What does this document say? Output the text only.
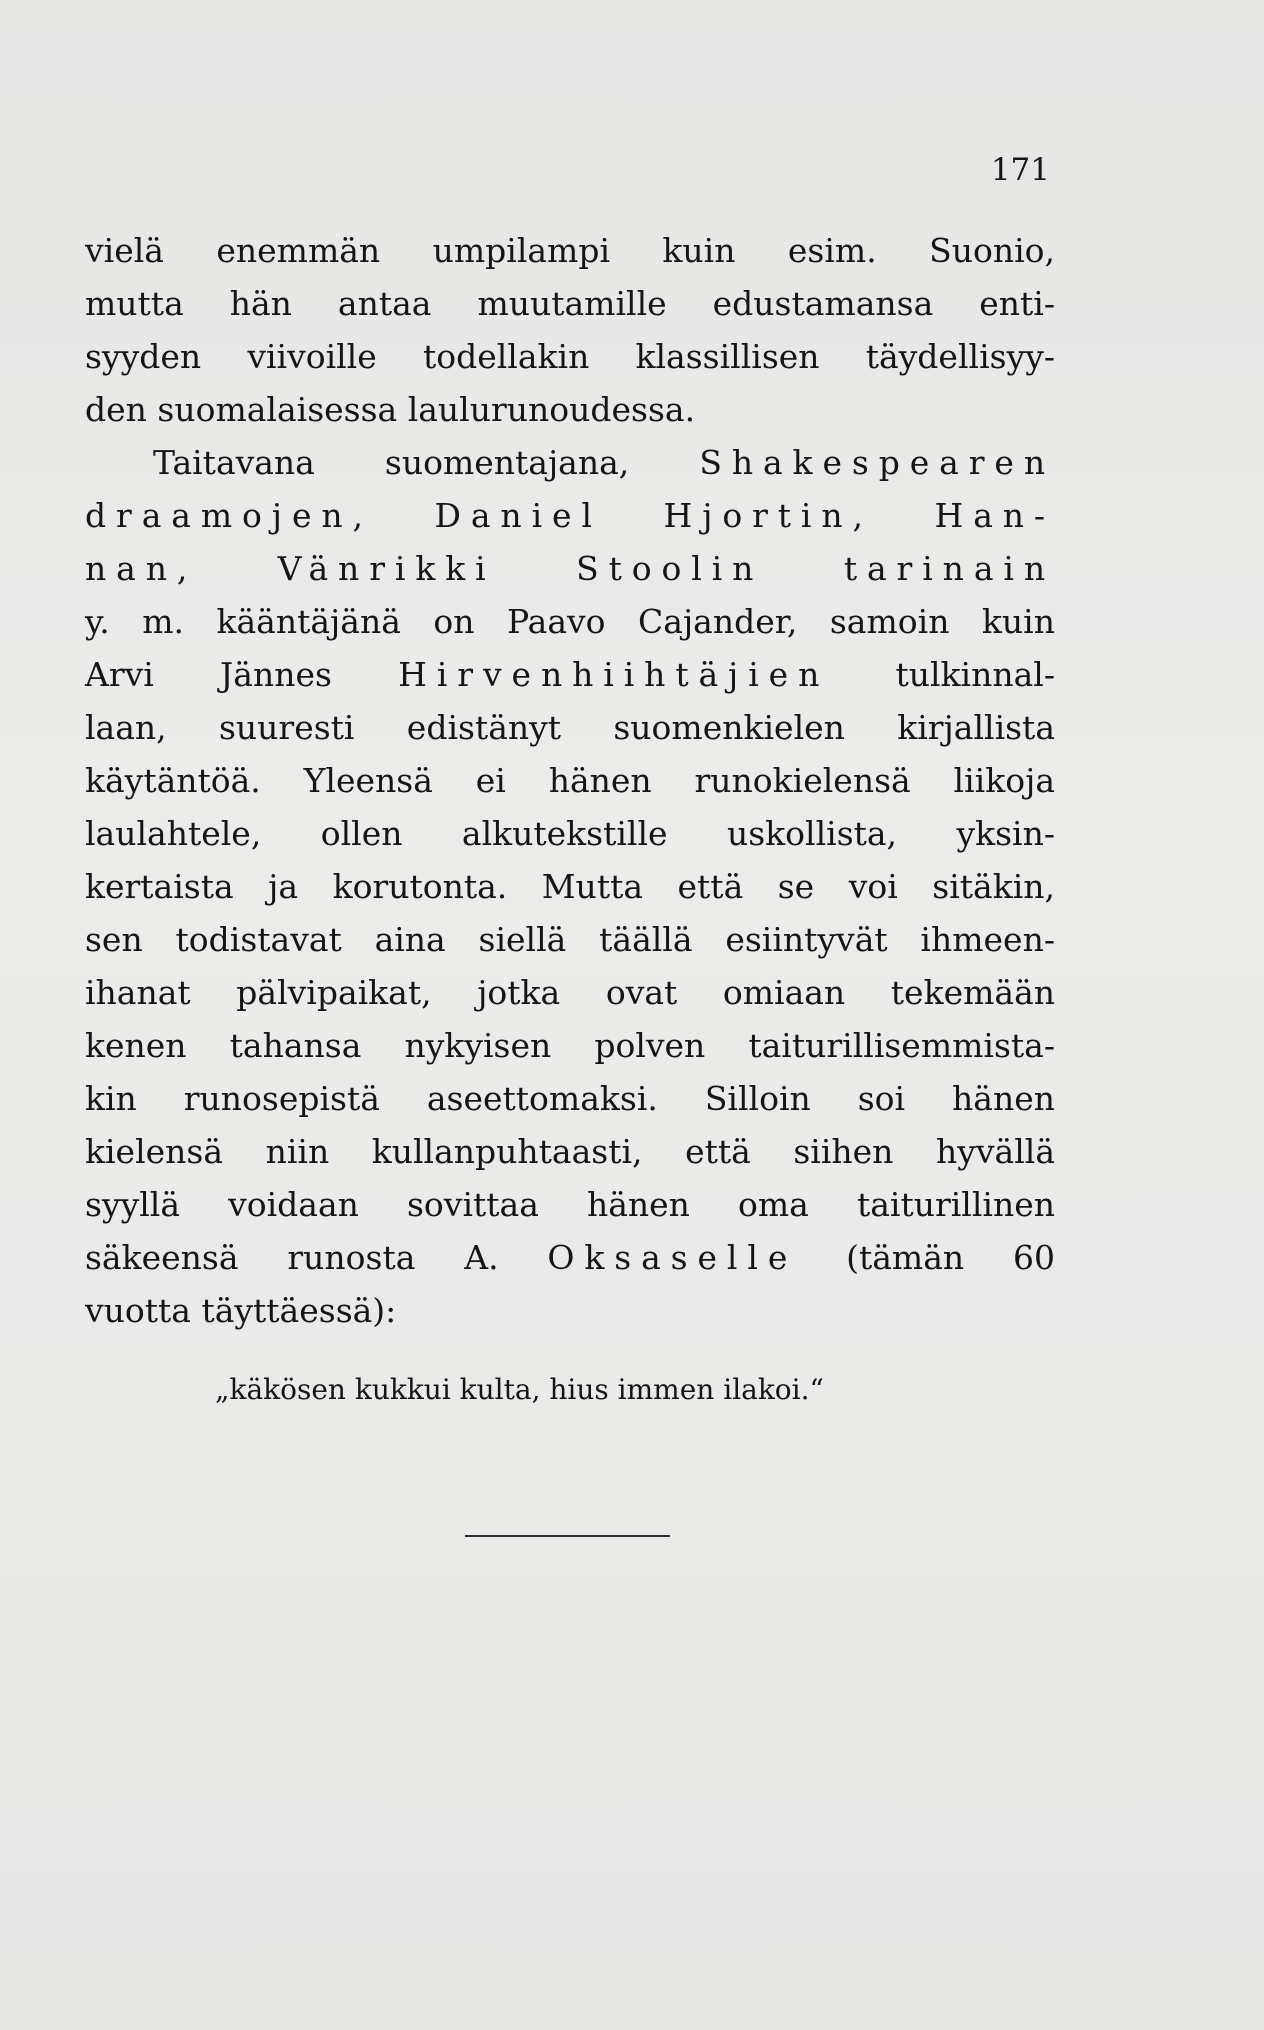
171
vielä enemmän umpilampi kuin esim. Suonio,
mutta hän antaa muutamille edustamansa enti-
syyden viivoille todellakin klassillisen täydellisyy-
den suomalaisessa laulurunoudessa.
Taitavana suomentajana, Shakespearen
draamojen, Daniel Hjortin, Han-
nan, Vänrikki Stoolin tarinain
y. m. kääntäjänä on Paavo Cajander, samoin kuin
Arvi Jännes Hirvenhiihtäjien tulkinnal-
laan, suuresti edistänyt suomenkielen kirjallista
käytäntöä. Yleensä ei hänen runokielensä liikoja
laulahtele, ollen alkutekstille uskollista, yksin-
kertaista ja korutonta. Mutta että se voi sitäkin,
sen todistavat aina siellä täällä esiintyvät ihmeen-
ihanat pälvipaikat, jotka ovat omiaan tekemään
kenen tahansa nykyisen polven taiturillisemmista-
kin runosepistä aseettomaksi. Silloin soi hänen
kielensä niin kullanpuhtaasti, että siihen hyvällä
syyllä voidaan sovittaa hänen oma taiturillinen
säkeensä runosta A. Oksaselle (tämän 60
vuotta täyttäessä):
„käkösen kukkui kulta, hius immen ilakoi.“
